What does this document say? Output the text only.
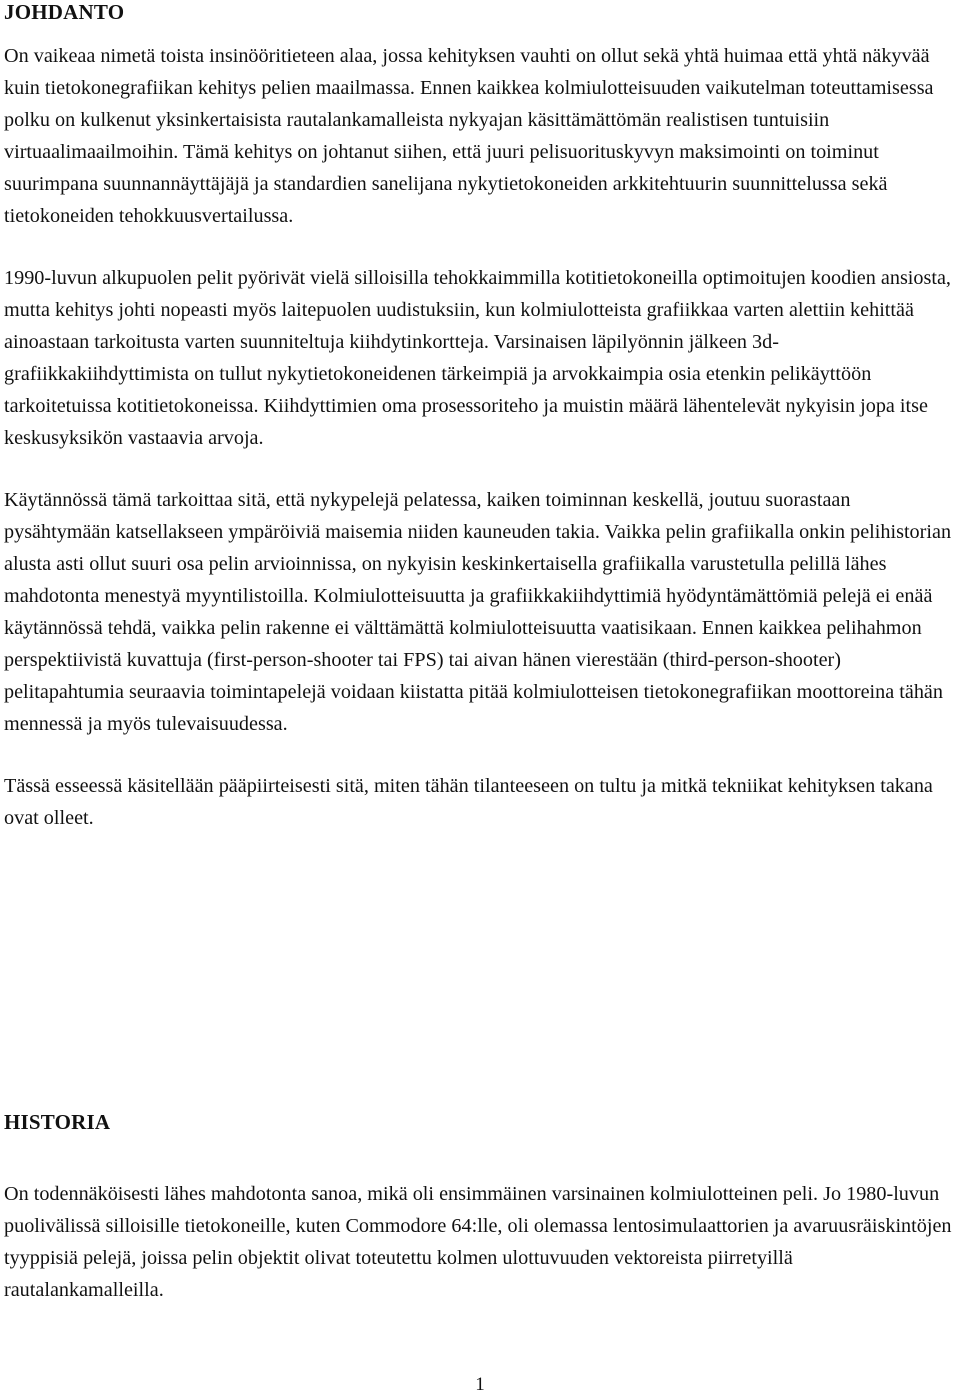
JOHDANTO

On vaikeaa nimetä toista insinööritieteen alaa, jossa kehityksen vauhti on ollut sekä yhtä huimaa että yhtä näkyvää kuin tietokonegrafiikan kehitys pelien maailmassa. Ennen kaikkea kolmiulotteisuuden vaikutelman toteuttamisessa polku on kulkenut yksinkertaisista rautalankamalleista nykyajan käsittämättömän realistisen tuntuisiin virtuaalimaailmoihin. Tämä kehitys on johtanut siihen, että juuri pelisuorituskyvyn maksimointi on toiminut suurimpana suunnannäyttäjäjä ja standardien sanelijana nykytietokoneiden arkkitehtuurin suunnittelussa sekä tietokoneiden tehokkuusvertailussa.

1990-luvun alkupuolen pelit pyörivät vielä silloisilla tehokkaimmilla kotitietokoneilla optimoitujen koodien ansiosta, mutta kehitys johti nopeasti myös laitepuolen uudistuksiin, kun kolmiulotteista grafiikkaa varten alettiin kehittää ainoastaan tarkoitusta varten suunniteltuja kiihdytinkortteja. Varsinaisen läpilyönnin jälkeen 3d-grafiikkakiihdyttimista on tullut nykytietokoneidenen tärkeimpiä ja arvokkaimpia osia etenkin pelikäyttöön tarkoitetuissa kotitietokoneissa. Kiihdyttimien oma prosessoriteho ja muistin määrä lähentelevät nykyisin jopa itse keskusyksikön vastaavia arvoja.

Käytännössä tämä tarkoittaa sitä, että nykypelejä pelatessa, kaiken toiminnan keskellä, joutuu suorastaan pysähtymään katsellakseen ympäröiviä maisemia niiden kauneuden takia. Vaikka pelin grafiikalla onkin pelihistorian alusta asti ollut suuri osa pelin arvioinnissa, on nykyisin keskinkertaisella grafiikalla varustetulla pelillä lähes mahdotonta menestyä myyntilistoilla. Kolmiulotteisuutta ja grafiikkakiihdyttimiä hyödyntämättömiä pelejä ei enää käytännössä tehdä, vaikka pelin rakenne ei välttämättä kolmiulotteisuutta vaatisikaan. Ennen kaikkea pelihahmon perspektiivistä kuvattuja (first-person-shooter tai FPS) tai aivan hänen vierestään (third-person-shooter) pelitapahtumia seuraavia toimintapelejä voidaan kiistatta pitää kolmiulotteisen tietokonegrafiikan moottoreina tähän mennessä ja myös tulevaisuudessa.

Tässä esseessä käsitellään pääpiirteisesti sitä, miten tähän tilanteeseen on tultu ja mitkä tekniikat kehityksen takana ovat olleet.

HISTORIA

On todennäköisesti lähes mahdotonta sanoa, mikä oli ensimmäinen varsinainen kolmiulotteinen peli. Jo 1980-luvun puolivälissä silloisille tietokoneille, kuten Commodore 64:lle, oli olemassa lentosimulaattorien ja avaruusräiskintöjen tyyppisiä pelejä, joissa pelin objektit olivat toteutettu kolmen ulottuvuuden vektoreista piirretyillä rautalankamalleilla.

1
